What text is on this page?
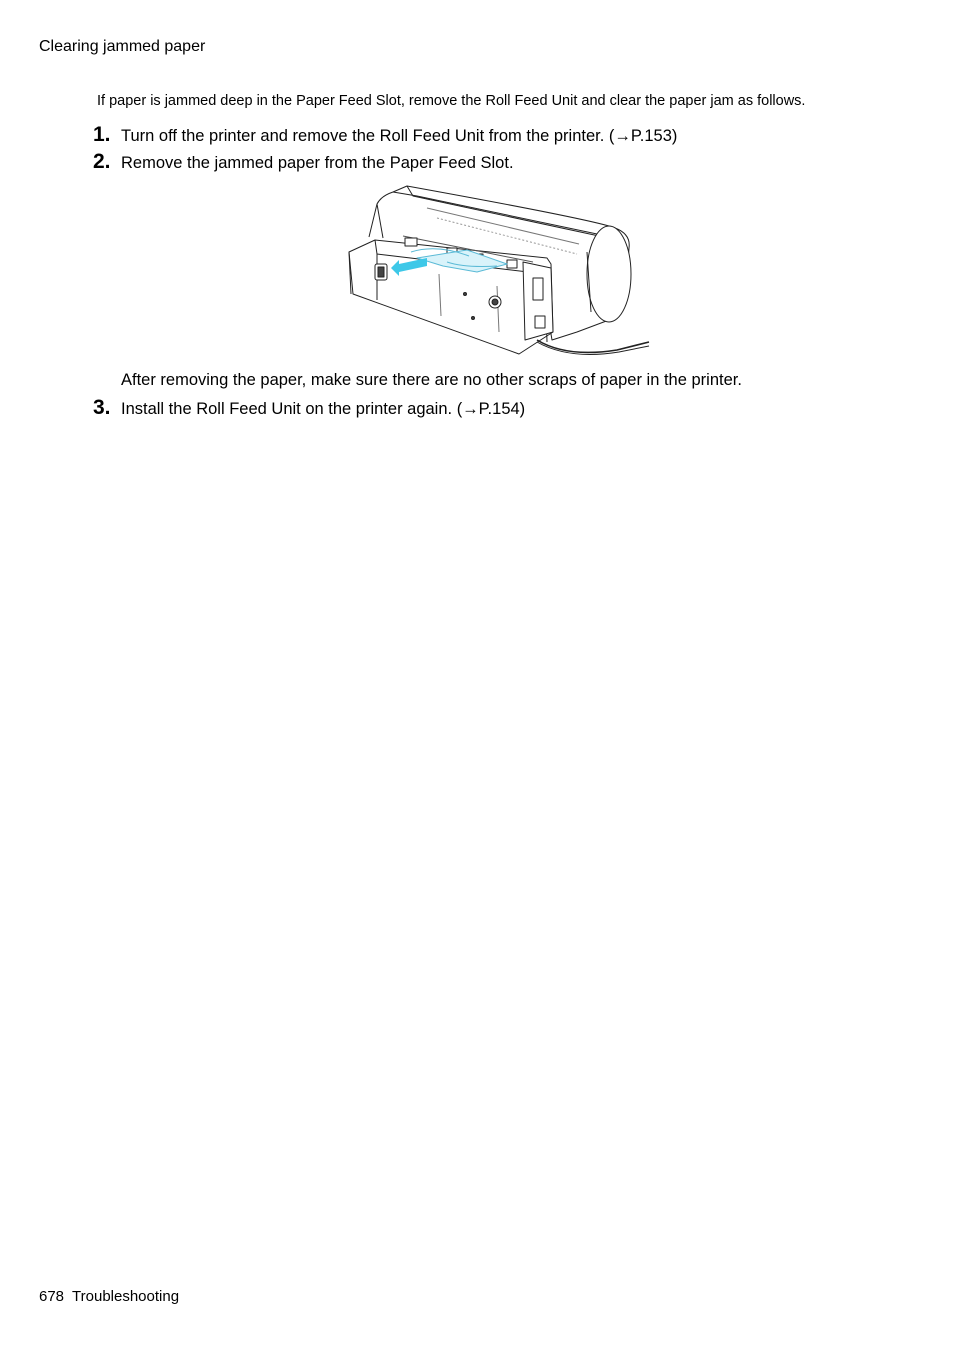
Clearing jammed paper
If paper is jammed deep in the Paper Feed Slot, remove the Roll Feed Unit and clear the paper jam as follows.
1. Turn off the printer and remove the Roll Feed Unit from the printer. (→P.153)
2. Remove the jammed paper from the Paper Feed Slot.
After removing the paper, make sure there are no other scraps of paper in the printer.
3. Install the Roll Feed Unit on the printer again. (→P.154)
678 Troubleshooting
